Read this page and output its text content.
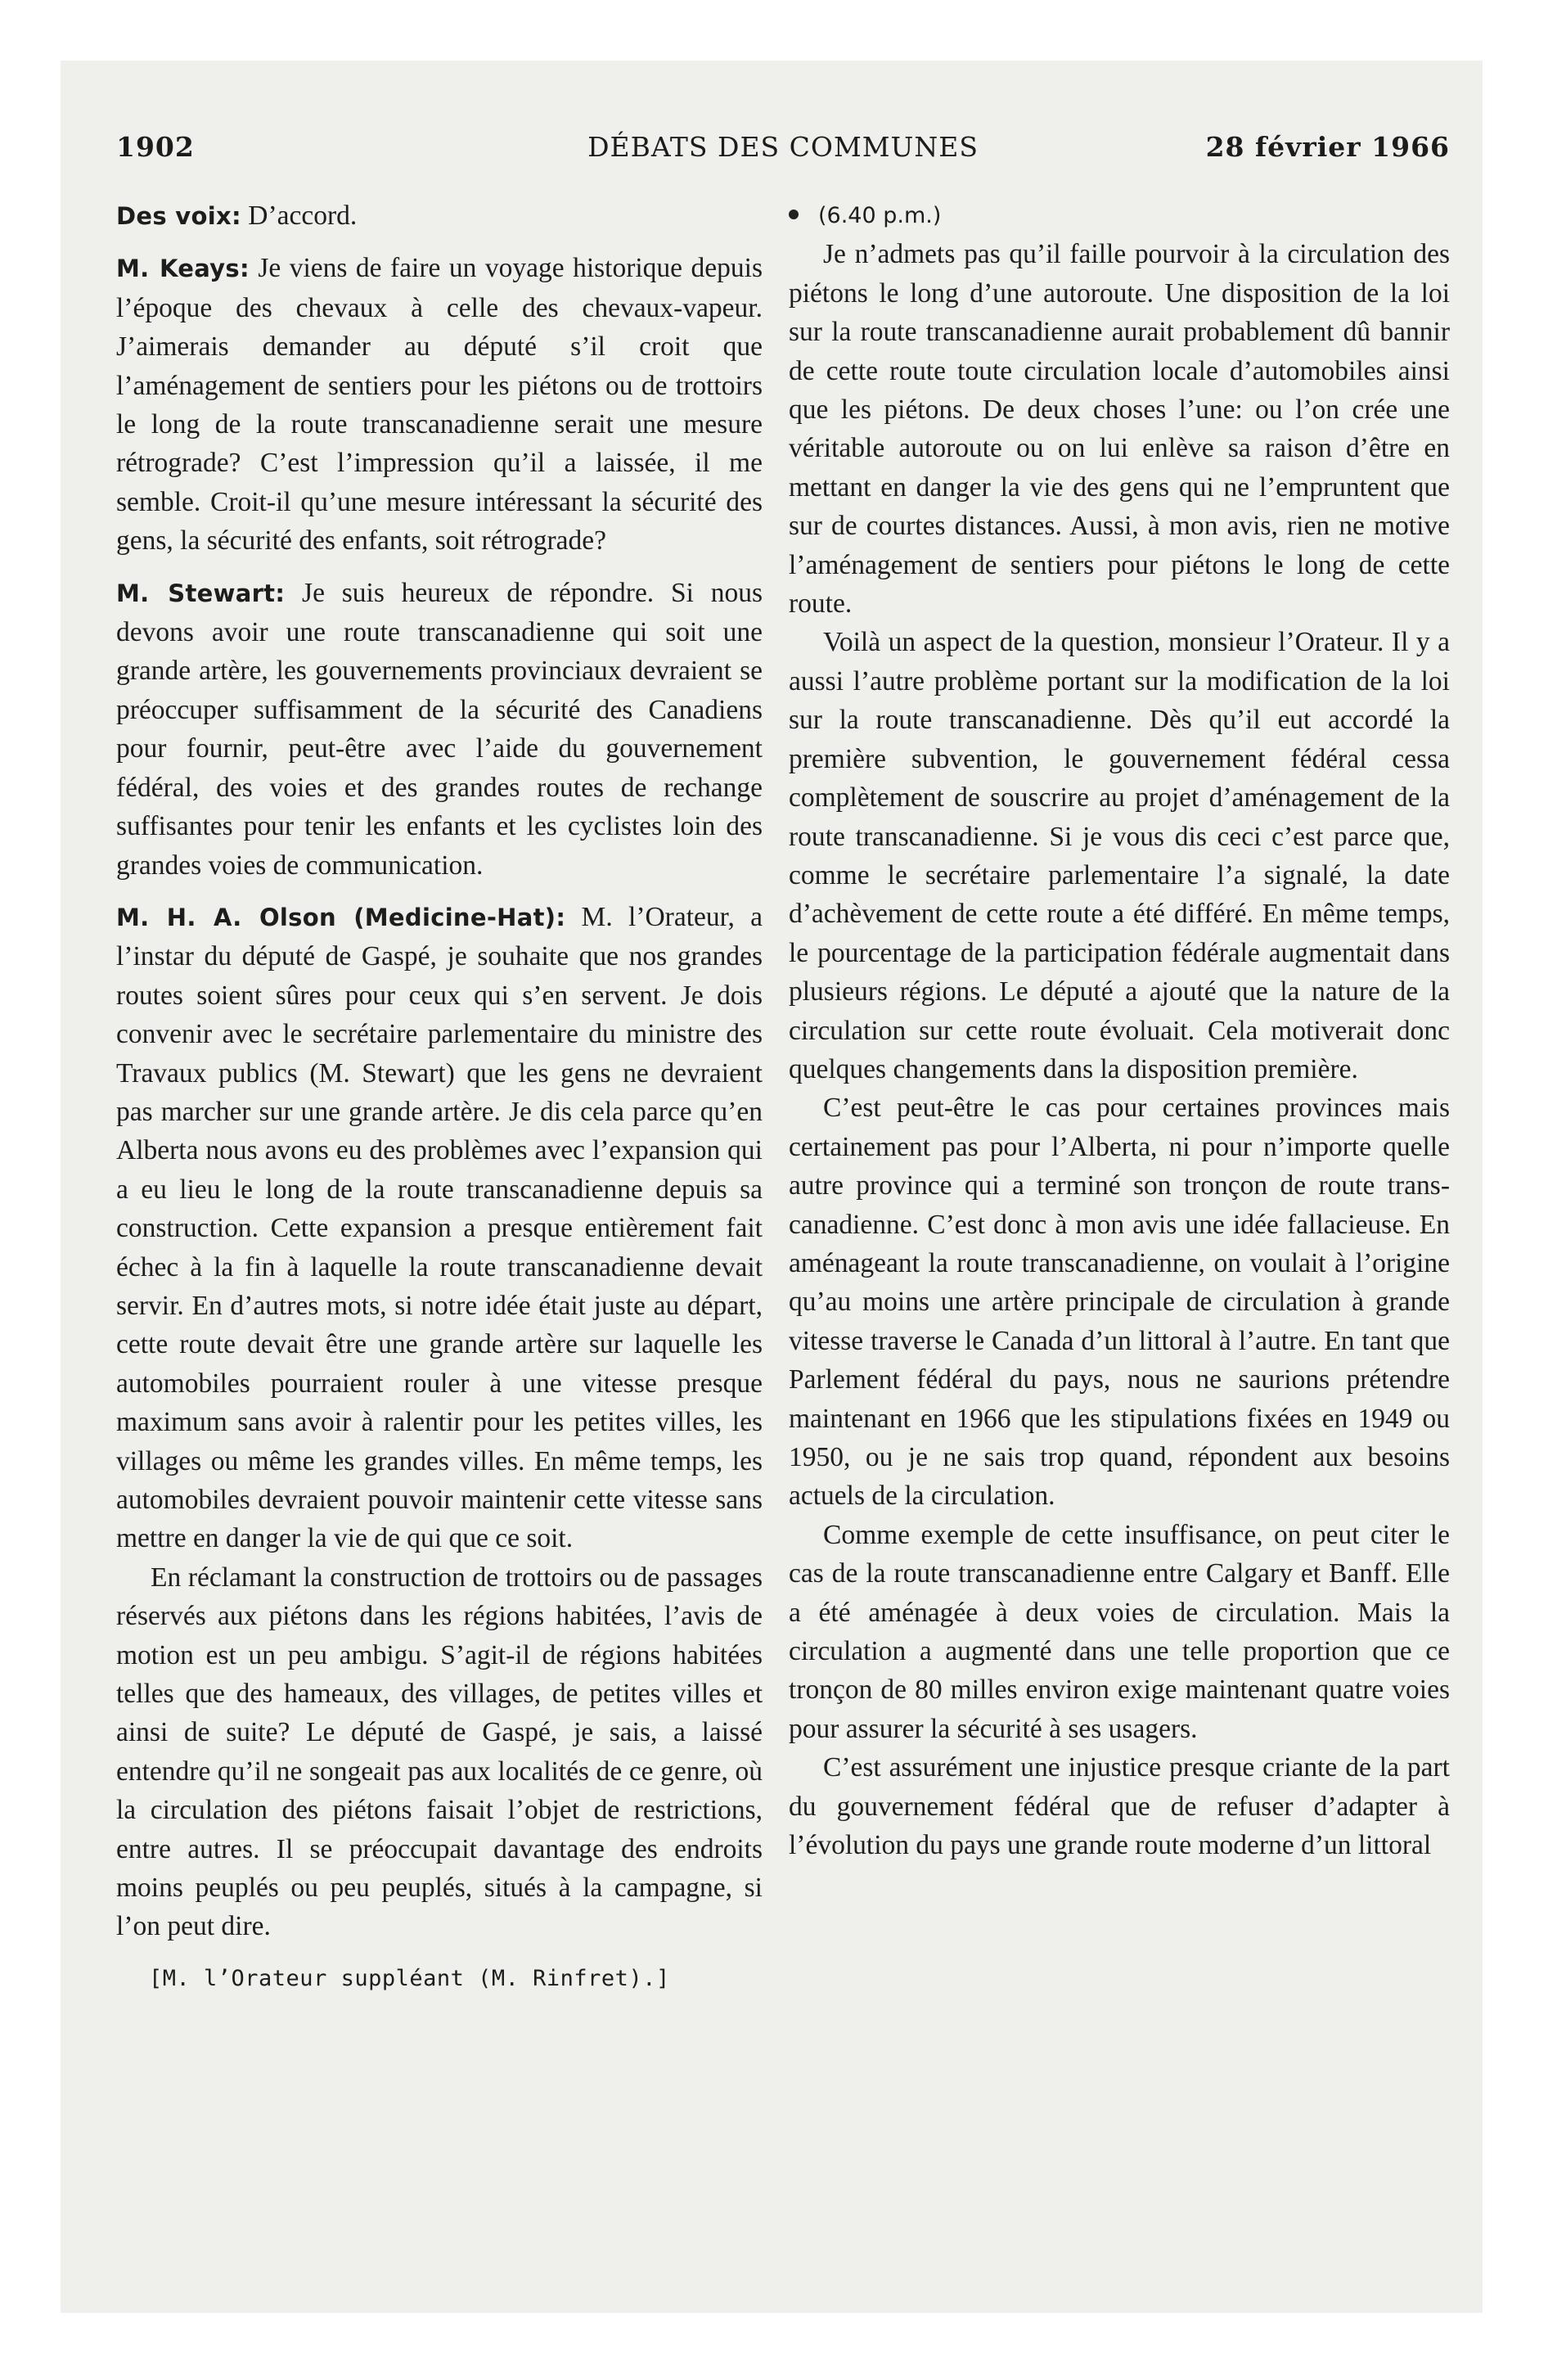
1902	DÉBATS DES COMMUNES	28 février 1966

Des voix: D’accord.

M. Keays: Je viens de faire un voyage historique depuis l’époque des chevaux à celle des chevaux-vapeur. J’aimerais demander au député s’il croit que l’aménagement de sentiers pour les piétons ou de trottoirs le long de la route transcanadienne serait une mesure rétrograde? C’est l’impression qu’il a laissée, il me semble. Croit-il qu’une mesure intéressant la sécurité des gens, la sécurité des enfants, soit rétrograde?

M. Stewart: Je suis heureux de répondre. Si nous devons avoir une route transcanadienne qui soit une grande artère, les gouvernements provinciaux devraient se préoccuper suffisamment de la sécurité des Canadiens pour fournir, peut-être avec l’aide du gouvernement fédéral, des voies et des grandes routes de rechange suffisantes pour tenir les enfants et les cyclistes loin des grandes voies de communication.

M. H. A. Olson (Medicine-Hat): M. l’Orateur, a l’instar du député de Gaspé, je souhaite que nos grandes routes soient sûres pour ceux qui s’en servent. Je dois convenir avec le secrétaire parlementaire du ministre des Travaux publics (M. Stewart) que les gens ne devraient pas marcher sur une grande artère. Je dis cela parce qu’en Alberta nous avons eu des problèmes avec l’expansion qui a eu lieu le long de la route transcanadienne depuis sa construction. Cette expansion a presque entièrement fait échec à la fin à laquelle la route transcanadienne devait servir. En d’autres mots, si notre idée était juste au départ, cette route devait être une grande artère sur laquelle les automobiles pourraient rouler à une vitesse presque maximum sans avoir à ralentir pour les petites villes, les villages ou même les grandes villes. En même temps, les automobiles devraient pouvoir maintenir cette vitesse sans mettre en danger la vie de qui que ce soit.

En réclamant la construction de trottoirs ou de passages réservés aux piétons dans les régions habitées, l’avis de motion est un peu ambigu. S’agit-il de régions habitées telles que des hameaux, des villages, de petites villes et ainsi de suite? Le député de Gaspé, je sais, a laissé entendre qu’il ne songeait pas aux localités de ce genre, où la circulation des piétons faisait l’objet de restrictions, entre autres. Il se préoccupait davantage des endroits moins peuplés ou peu peuplés, situés à la campagne, si l’on peut dire.

[M. l’Orateur suppléant (M. Rinfret).]

(6.40 p.m.)

Je n’admets pas qu’il faille pourvoir à la circulation des piétons le long d’une autoroute. Une disposition de la loi sur la route transcanadienne aurait probablement dû bannir de cette route toute circulation locale d’automobiles ainsi que les piétons. De deux choses l’une: ou l’on crée une véritable autoroute ou on lui enlève sa raison d’être en mettant en danger la vie des gens qui ne l’empruntent que sur de courtes distances. Aussi, à mon avis, rien ne motive l’aménagement de sentiers pour piétons le long de cette route.

Voilà un aspect de la question, monsieur l’Orateur. Il y a aussi l’autre problème portant sur la modification de la loi sur la route transcanadienne. Dès qu’il eut accordé la première subvention, le gouvernement fédéral cessa complètement de souscrire au projet d’aménagement de la route transcanadienne. Si je vous dis ceci c’est parce que, comme le secrétaire parlementaire l’a signalé, la date d’achèvement de cette route a été différé. En même temps, le pourcentage de la participation fédérale augmentait dans plusieurs régions. Le député a ajouté que la nature de la circulation sur cette route évoluait. Cela motiverait donc quelques changements dans la disposition première.

C’est peut-être le cas pour certaines provinces mais certainement pas pour l’Alberta, ni pour n’importe quelle autre province qui a terminé son tronçon de route trans-canadienne. C’est donc à mon avis une idée fallacieuse. En aménageant la route transcanadienne, on voulait à l’origine qu’au moins une artère principale de circulation à grande vitesse traverse le Canada d’un littoral à l’autre. En tant que Parlement fédéral du pays, nous ne saurions prétendre maintenant en 1966 que les stipulations fixées en 1949 ou 1950, ou je ne sais trop quand, répondent aux besoins actuels de la circulation.

Comme exemple de cette insuffisance, on peut citer le cas de la route transcanadienne entre Calgary et Banff. Elle a été aménagée à deux voies de circulation. Mais la circulation a augmenté dans une telle proportion que ce tronçon de 80 milles environ exige maintenant quatre voies pour assurer la sécurité à ses usagers.

C’est assurément une injustice presque criante de la part du gouvernement fédéral que de refuser d’adapter à l’évolution du pays une grande route moderne d’un littoral
